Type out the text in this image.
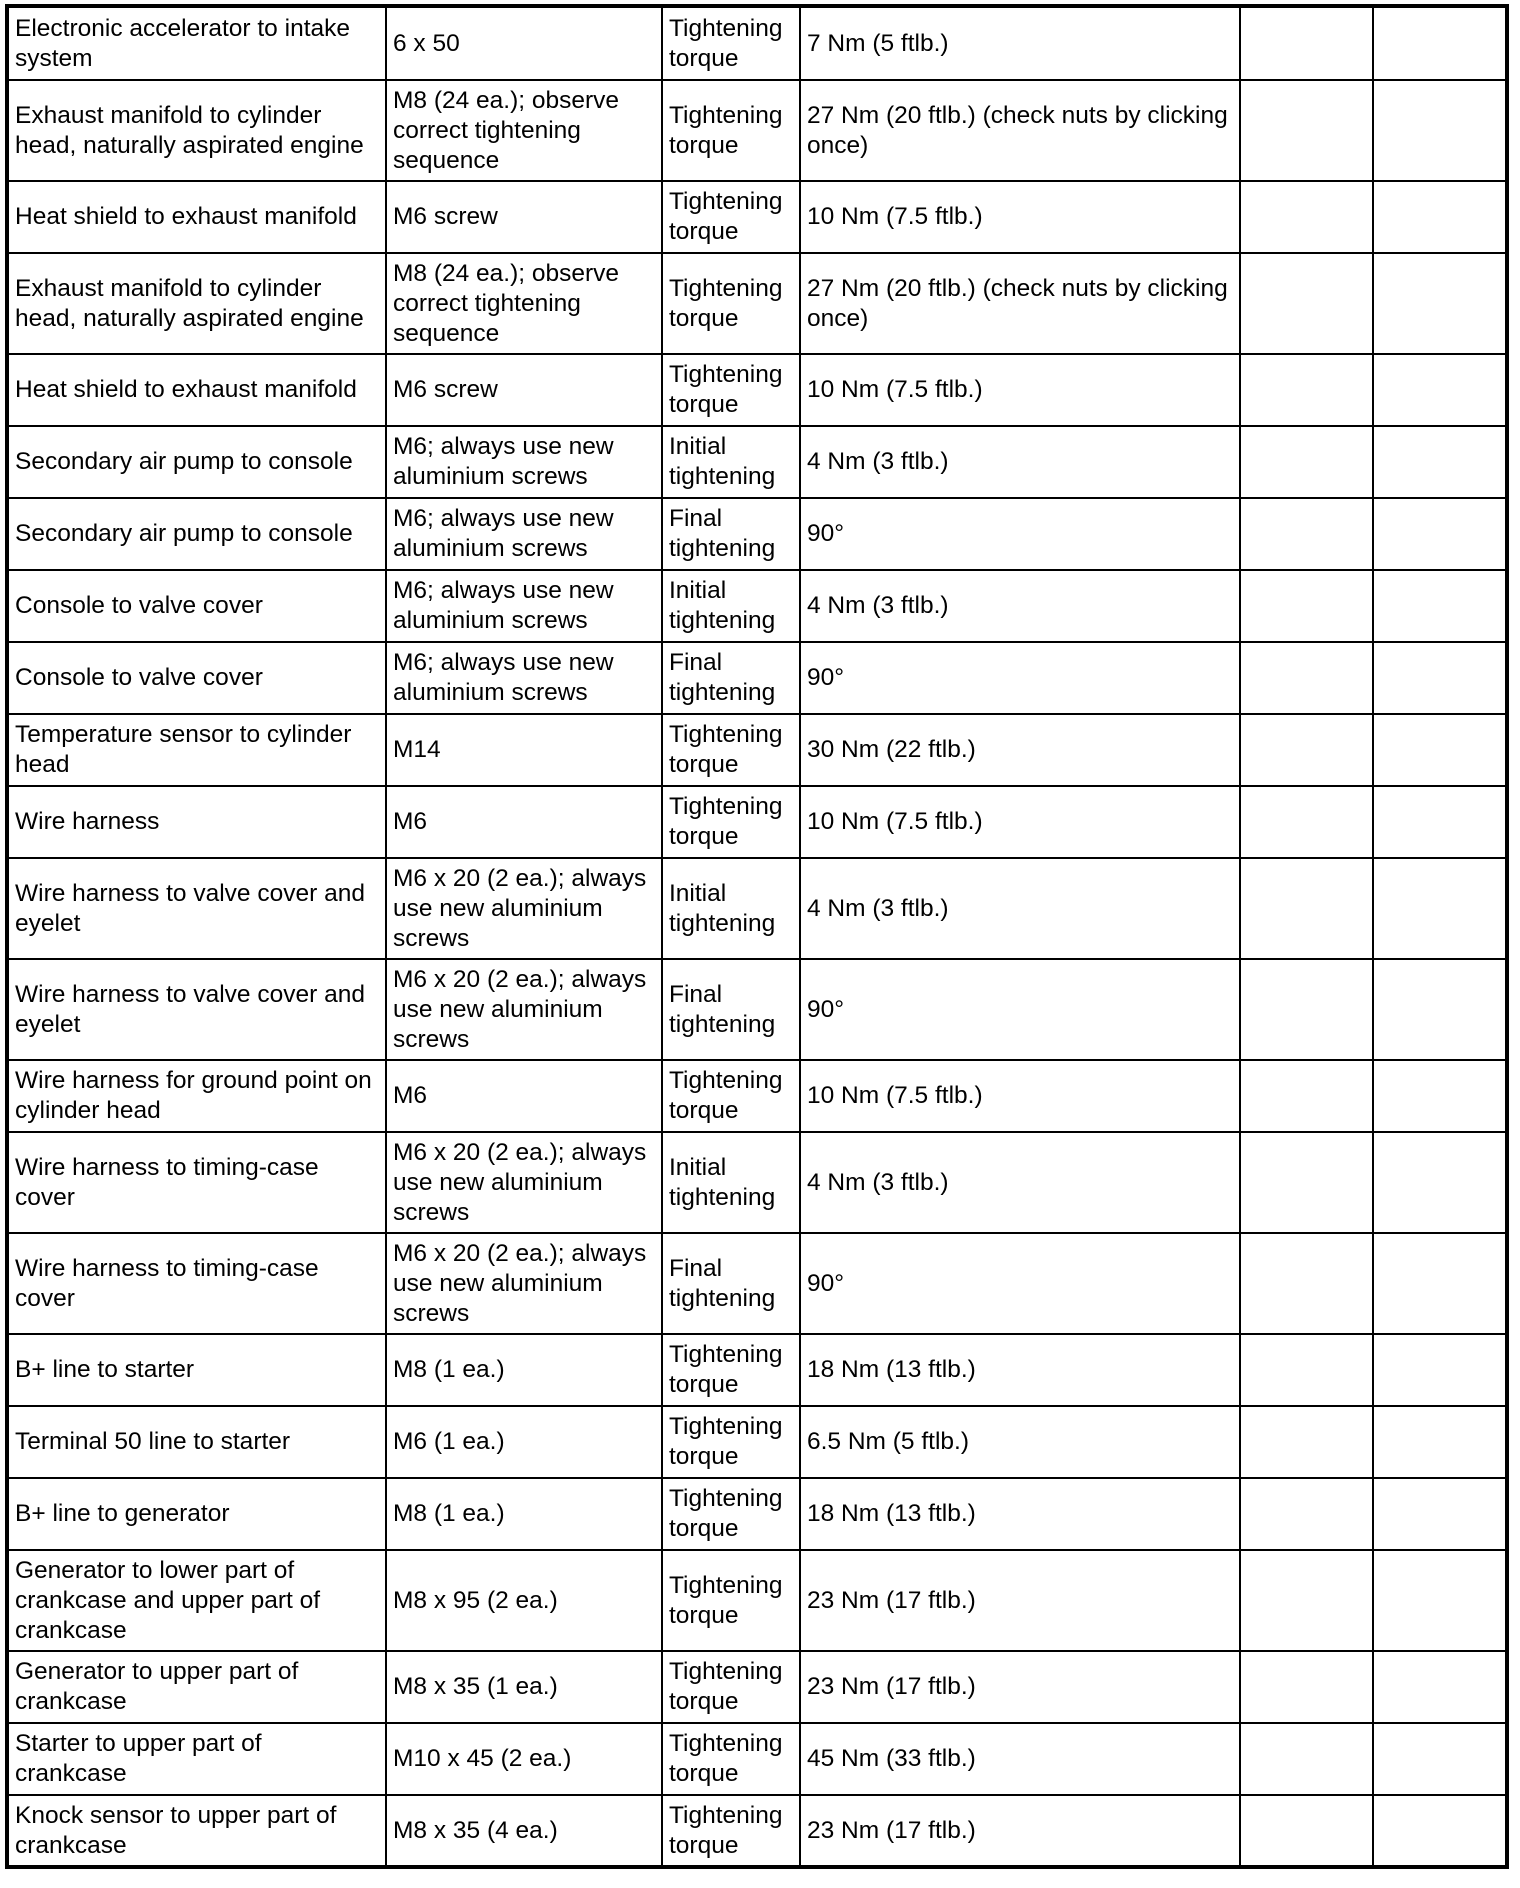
Electronic accelerator to intake system	6 x 50	Tightening torque	7 Nm (5 ftlb.)		
Exhaust manifold to cylinder head, naturally aspirated engine	M8 (24 ea.); observe correct tightening sequence	Tightening torque	27 Nm (20 ftlb.) (check nuts by clicking once)		
Heat shield to exhaust manifold	M6 screw	Tightening torque	10 Nm (7.5 ftlb.)		
Exhaust manifold to cylinder head, naturally aspirated engine	M8 (24 ea.); observe correct tightening sequence	Tightening torque	27 Nm (20 ftlb.) (check nuts by clicking once)		
Heat shield to exhaust manifold	M6 screw	Tightening torque	10 Nm (7.5 ftlb.)		
Secondary air pump to console	M6; always use new aluminium screws	Initial tightening	4 Nm (3 ftlb.)		
Secondary air pump to console	M6; always use new aluminium screws	Final tightening	90°		
Console to valve cover	M6; always use new aluminium screws	Initial tightening	4 Nm (3 ftlb.)		
Console to valve cover	M6; always use new aluminium screws	Final tightening	90°		
Temperature sensor to cylinder head	M14	Tightening torque	30 Nm (22 ftlb.)		
Wire harness	M6	Tightening torque	10 Nm (7.5 ftlb.)		
Wire harness to valve cover and eyelet	M6 x 20 (2 ea.); always use new aluminium screws	Initial tightening	4 Nm (3 ftlb.)		
Wire harness to valve cover and eyelet	M6 x 20 (2 ea.); always use new aluminium screws	Final tightening	90°		
Wire harness for ground point on cylinder head	M6	Tightening torque	10 Nm (7.5 ftlb.)		
Wire harness to timing-case cover	M6 x 20 (2 ea.); always use new aluminium screws	Initial tightening	4 Nm (3 ftlb.)		
Wire harness to timing-case cover	M6 x 20 (2 ea.); always use new aluminium screws	Final tightening	90°		
B+ line to starter	M8 (1 ea.)	Tightening torque	18 Nm (13 ftlb.)		
Terminal 50 line to starter	M6 (1 ea.)	Tightening torque	6.5 Nm (5 ftlb.)		
B+ line to generator	M8 (1 ea.)	Tightening torque	18 Nm (13 ftlb.)		
Generator to lower part of crankcase and upper part of crankcase	M8 x 95 (2 ea.)	Tightening torque	23 Nm (17 ftlb.)		
Generator to upper part of crankcase	M8 x 35 (1 ea.)	Tightening torque	23 Nm (17 ftlb.)		
Starter to upper part of crankcase	M10 x 45 (2 ea.)	Tightening torque	45 Nm (33 ftlb.)		
Knock sensor to upper part of crankcase	M8 x 35 (4 ea.)	Tightening torque	23 Nm (17 ftlb.)		
